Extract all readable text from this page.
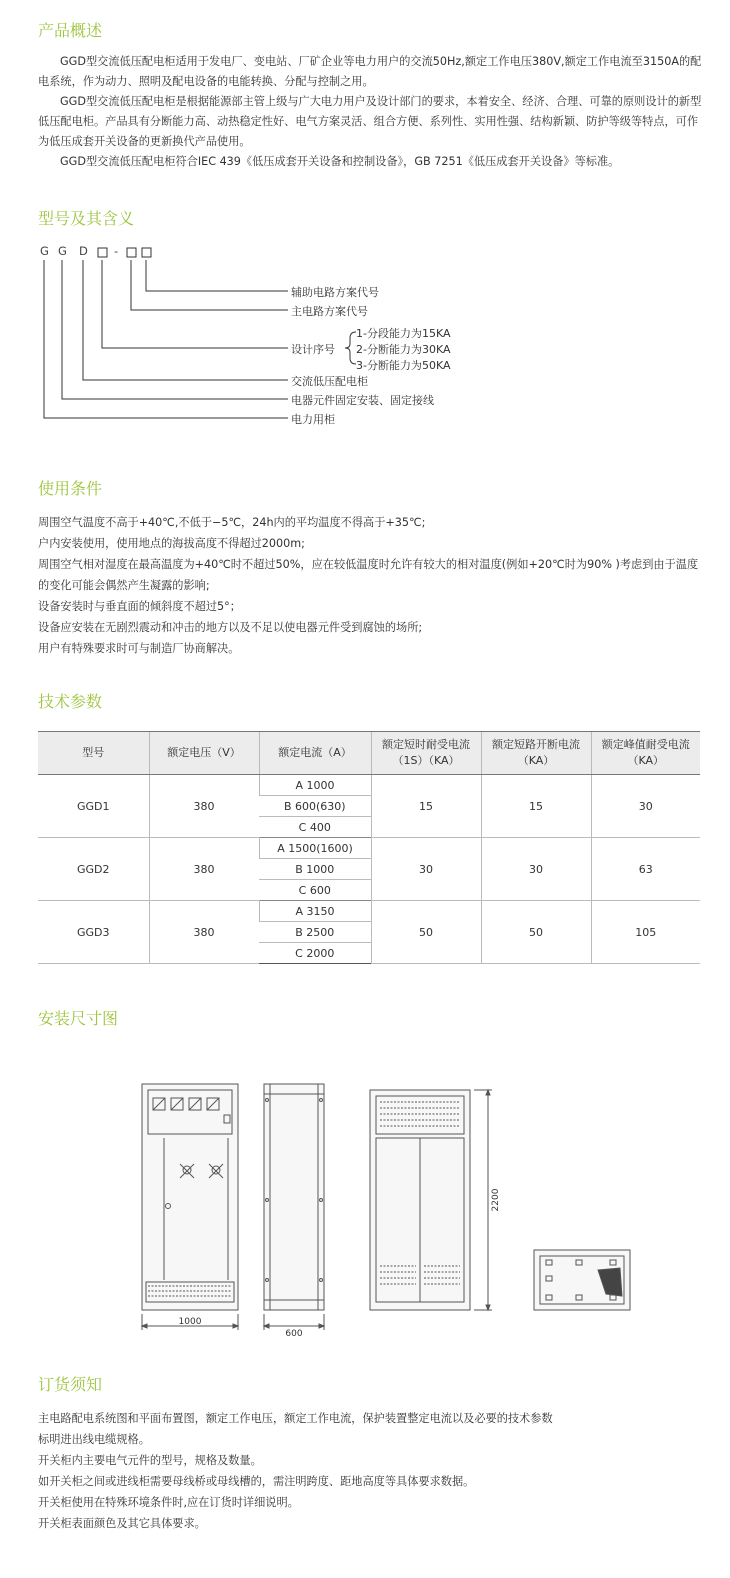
产品概述

GGD型交流低压配电柜适用于发电厂、变电站、厂矿企业等电力用户的交流50Hz,额定工作电压380V,额定工作电流至3150A的配电系统，作为动力、照明及配电设备的电能转换、分配与控制之用。

GGD型交流低压配电柜是根据能源部主管上级与广大电力用户及设计部门的要求，本着安全、经济、合理、可靠的原则设计的新型低压配电柜。产品具有分断能力高、动热稳定性好、电气方案灵活、组合方便、系列性、实用性强、结构新颖、防护等级等特点，可作为低压成套开关设备的更新换代产品使用。

GGD型交流低压配电柜符合IEC 439《低压成套开关设备和控制设备》，GB 7251《低压成套开关设备》等标准。

型号及其含义
G G D -
辅助电路方案代号
主电路方案代号
设计序号
1-分段能力为15KA
2-分断能力为30KA
3-分断能力为50KA
交流低压配电柜
电器元件固定安装、固定接线
电力用柜
使用条件
周围空气温度不高于+40℃,不低于−5℃，24h内的平均温度不得高于+35℃;
户内安装使用，使用地点的海拔高度不得超过2000m;
周围空气相对湿度在最高温度为+40℃时不超过50%，应在较低温度时允许有较大的相对温度(例如+20℃时为90% )考虑到由于温度的变化可能会偶然产生凝露的影响;
设备安装时与垂直面的倾斜度不超过5°；
设备应安装在无剧烈震动和冲击的地方以及不足以使电器元件受到腐蚀的场所;
用户有特殊要求时可与制造厂协商解决。
技术参数
型号	额定电压（V）	额定电流（A）	额定短时耐受电流（1S）（KA）	额定短路开断电流（KA）	额定峰值耐受电流（KA）
GGD1	380	A 1000	15	15	30
		B 600(630)			
		C 400			
GGD2	380	A 1500(1600)	30	30	63
		B 1000			
		C 600			
GGD3	380	A 3150	50	50	105
		B 2500			
		C 2000			
安装尺寸图
1000
600
2200
订货须知
主电路配电系统图和平面布置图，额定工作电压，额定工作电流，保护装置整定电流以及必要的技术参数
标明进出线电缆规格。
开关柜内主要电气元件的型号，规格及数量。
如开关柜之间或进线柜需要母线桥或母线槽的，需注明跨度、距地高度等具体要求数据。
开关柜使用在特殊环境条件时,应在订货时详细说明。
开关柜表面颜色及其它具体要求。
